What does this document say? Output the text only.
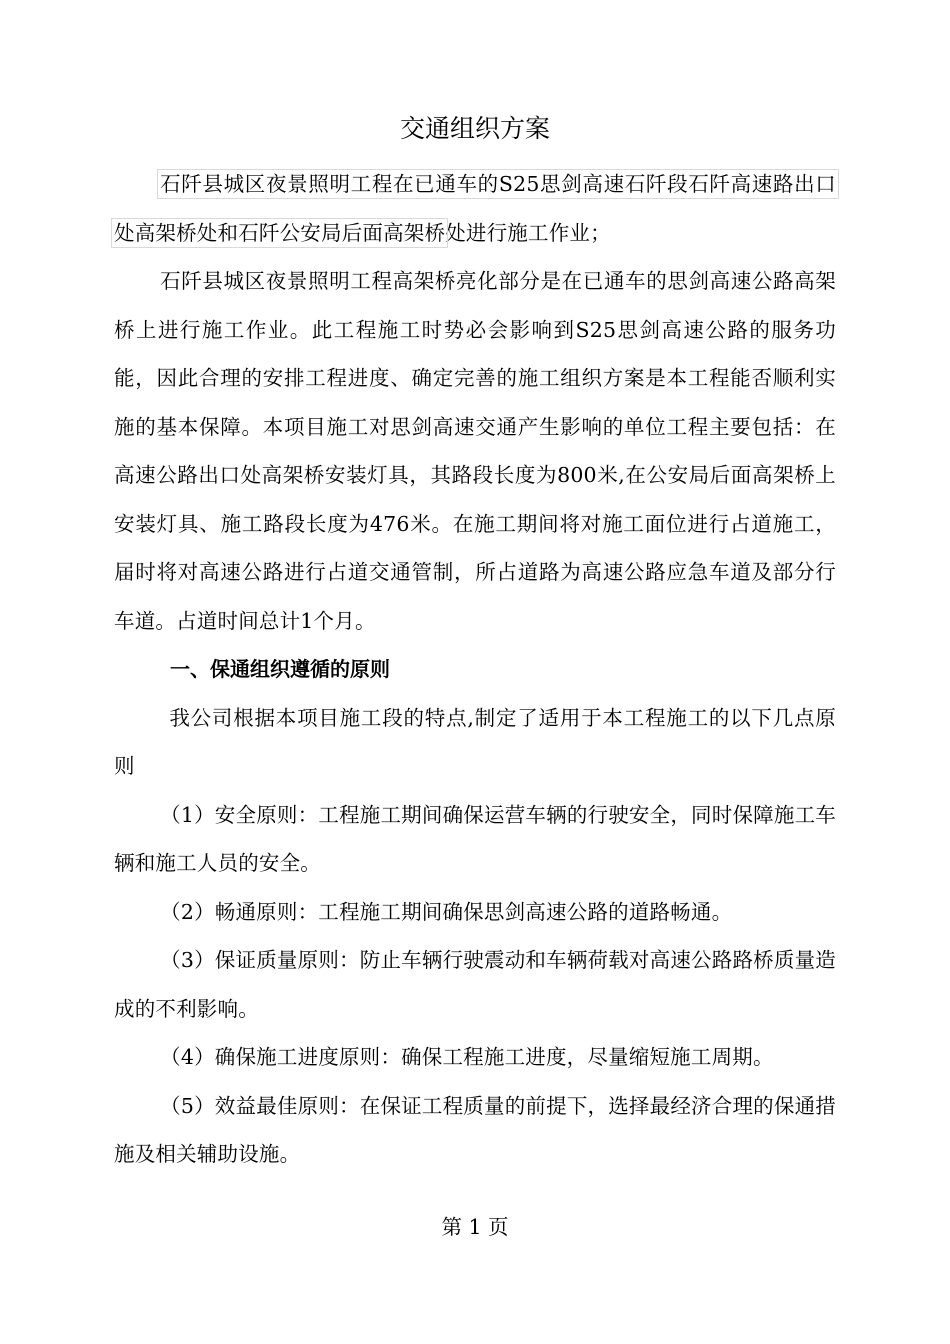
交通组织方案

石阡县城区夜景照明工程在已通车的S25思剑高速石阡段石阡高速路出口处高架桥处和石阡公安局后面高架桥处进行施工作业；

石阡县城区夜景照明工程高架桥亮化部分是在已通车的思剑高速公路高架桥上进行施工作业。此工程施工时势必会影响到S25思剑高速公路的服务功能，因此合理的安排工程进度、确定完善的施工组织方案是本工程能否顺利实施的基本保障。本项目施工对思剑高速交通产生影响的单位工程主要包括：在高速公路出口处高架桥安装灯具，其路段长度为800米,在公安局后面高架桥上安装灯具、施工路段长度为476米。在施工期间将对施工面位进行占道施工，届时将对高速公路进行占道交通管制，所占道路为高速公路应急车道及部分行车道。占道时间总计1个月。

一、保通组织遵循的原则

我公司根据本项目施工段的特点,制定了适用于本工程施工的以下几点原则

（1）安全原则：工程施工期间确保运营车辆的行驶安全，同时保障施工车辆和施工人员的安全。

（2）畅通原则：工程施工期间确保思剑高速公路的道路畅通。

（3）保证质量原则：防止车辆行驶震动和车辆荷载对高速公路路桥质量造成的不利影响。

（4）确保施工进度原则：确保工程施工进度，尽量缩短施工周期。

（5）效益最佳原则：在保证工程质量的前提下，选择最经济合理的保通措施及相关辅助设施。

第 1 页
